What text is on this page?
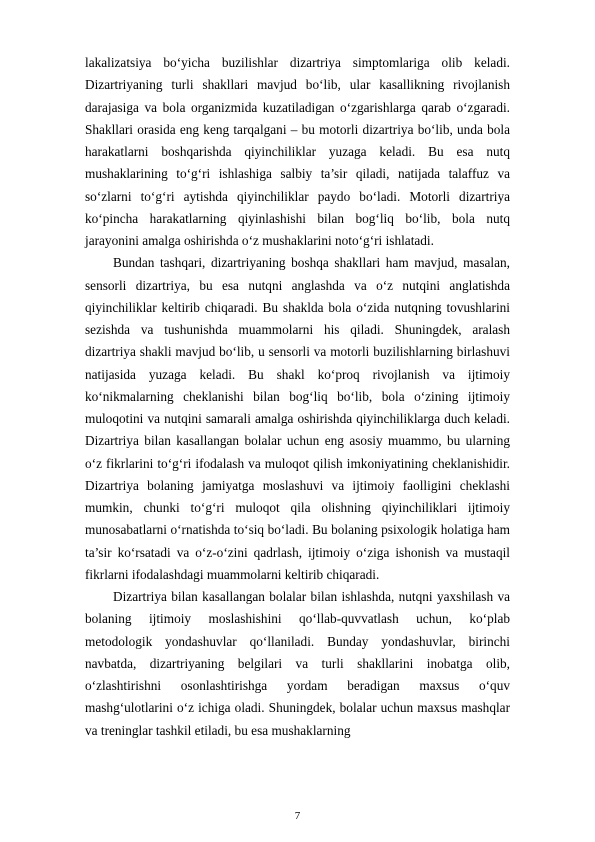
lakalizatsiya bo‘yicha buzilishlar dizartriya simptomlariga olib keladi. Dizartriyaning turli shakllari mavjud bo‘lib, ular kasallikning rivojlanish darajasiga va bola organizmida kuzatiladigan o‘zgarishlarga qarab o‘zgaradi. Shakllari orasida eng keng tarqalgani – bu motorli dizartriya bo‘lib, unda bola harakatlarni boshqarishda qiyinchiliklar yuzaga keladi. Bu esa nutq mushaklarining to‘g‘ri ishlashiga salbiy ta’sir qiladi, natijada talaffuz va so‘zlarni to‘g‘ri aytishda qiyinchiliklar paydo bo‘ladi. Motorli dizartriya ko‘pincha harakatlarning qiyinlashishi bilan bog‘liq bo‘lib, bola nutq jarayonini amalga oshirishda o‘z mushaklarini noto‘g‘ri ishlatadi.

Bundan tashqari, dizartriyaning boshqa shakllari ham mavjud, masalan, sensorli dizartriya, bu esa nutqni anglashda va o‘z nutqini anglatishda qiyinchiliklar keltirib chiqaradi. Bu shaklda bola o‘zida nutqning tovushlarini sezishda va tushunishda muammolarni his qiladi. Shuningdek, aralash dizartriya shakli mavjud bo‘lib, u sensorli va motorli buzilishlarning birlashuvi natijasida yuzaga keladi. Bu shakl ko‘proq rivojlanish va ijtimoiy ko‘nikmalarning cheklanishi bilan bog‘liq bo‘lib, bola o‘zining ijtimoiy muloqotini va nutqini samarali amalga oshirishda qiyinchiliklarga duch keladi. Dizartriya bilan kasallangan bolalar uchun eng asosiy muammo, bu ularning o‘z fikrlarini to‘g‘ri ifodalash va muloqot qilish imkoniyatining cheklanishidir. Dizartriya bolaning jamiyatga moslashuvi va ijtimoiy faolligini cheklashi mumkin, chunki to‘g‘ri muloqot qila olishning qiyinchiliklari ijtimoiy munosabatlarni o‘rnatishda to‘siq bo‘ladi. Bu bolaning psixologik holatiga ham ta’sir ko‘rsatadi va o‘z-o‘zini qadrlash, ijtimoiy o‘ziga ishonish va mustaqil fikrlarni ifodalashdagi muammolarni keltirib chiqaradi.

Dizartriya bilan kasallangan bolalar bilan ishlashda, nutqni yaxshilash va bolaning ijtimoiy moslashishini qo‘llab-quvvatlash uchun, ko‘plab metodologik yondashuvlar qo‘llaniladi. Bunday yondashuvlar, birinchi navbatda, dizartriyaning belgilari va turli shakllarini inobatga olib, o‘zlashtirishni osonlashtirishga yordam beradigan maxsus o‘quv mashg‘ulotlarini o‘z ichiga oladi. Shuningdek, bolalar uchun maxsus mashqlar va treninglar tashkil etiladi, bu esa mushaklarning

7
